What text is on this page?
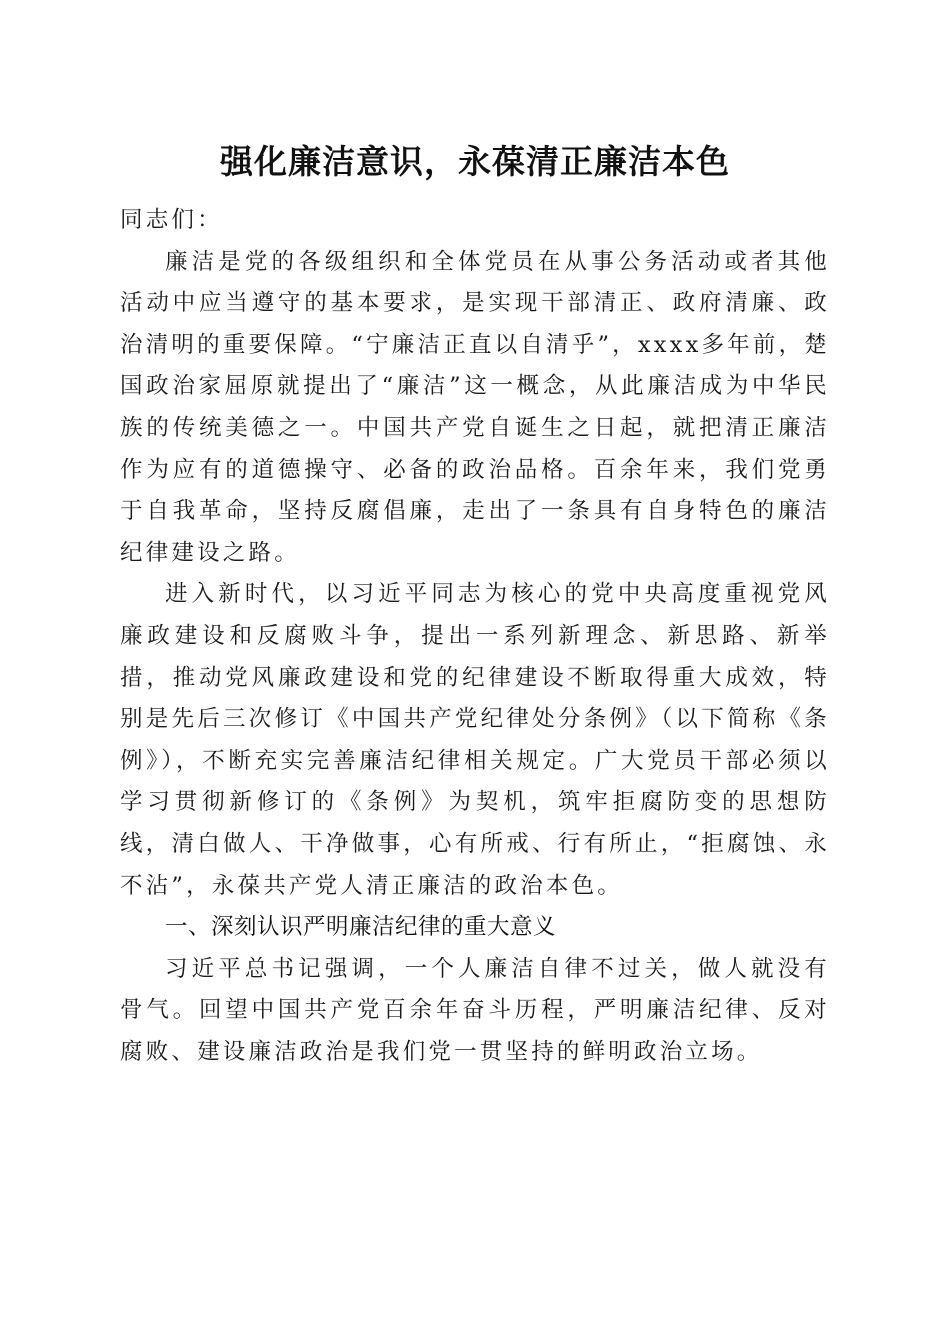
强化廉洁意识，永葆清正廉洁本色

同志们：

廉洁是党的各级组织和全体党员在从事公务活动或者其他活动中应当遵守的基本要求，是实现干部清正、政府清廉、政治清明的重要保障。“宁廉洁正直以自清乎”，xxxx多年前，楚国政治家屈原就提出了“廉洁”这一概念，从此廉洁成为中华民族的传统美德之一。中国共产党自诞生之日起，就把清正廉洁作为应有的道德操守、必备的政治品格。百余年来，我们党勇于自我革命，坚持反腐倡廉，走出了一条具有自身特色的廉洁纪律建设之路。

进入新时代，以习近平同志为核心的党中央高度重视党风廉政建设和反腐败斗争，提出一系列新理念、新思路、新举措，推动党风廉政建设和党的纪律建设不断取得重大成效，特别是先后三次修订《中国共产党纪律处分条例》（以下简称《条例》），不断充实完善廉洁纪律相关规定。广大党员干部必须以学习贯彻新修订的《条例》为契机，筑牢拒腐防变的思想防线，清白做人、干净做事，心有所戒、行有所止，“拒腐蚀、永不沾”，永葆共产党人清正廉洁的政治本色。

一、深刻认识严明廉洁纪律的重大意义

习近平总书记强调，一个人廉洁自律不过关，做人就没有骨气。回望中国共产党百余年奋斗历程，严明廉洁纪律、反对腐败、建设廉洁政治是我们党一贯坚持的鲜明政治立场。
